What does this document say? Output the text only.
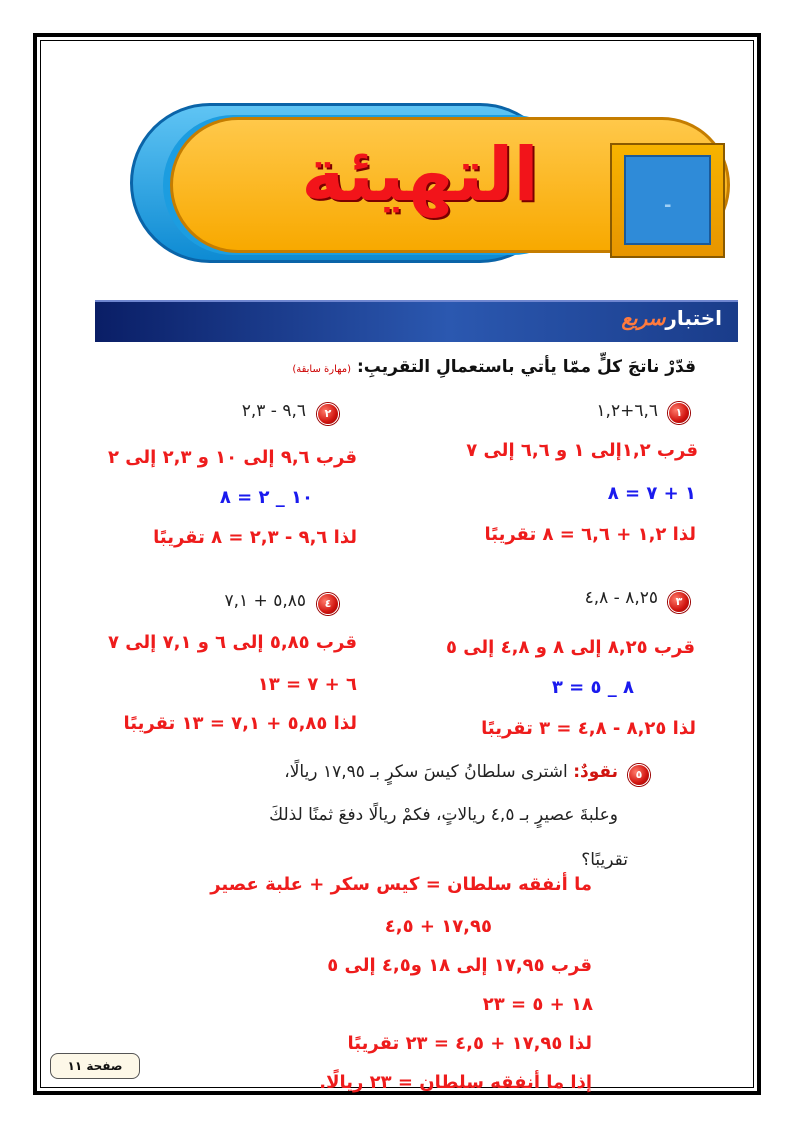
-
التهيئة
اختبارسريع
قدّرْ ناتجَ كلٍّ ممّا يأتي باستعمالِ التقريبِ: (مهارة سابقة)
١
٦,٦+١,٢
قرب ١,٢إلى ١ و ٦,٦ إلى ٧
١ + ٧ = ٨
لذا ١,٢ + ٦,٦ = ٨ تقريبًا
٢
٩,٦ - ٢,٣
قرب ٩,٦ إلى ١٠ و ٢,٣ إلى ٢
١٠ _ ٢ = ٨
لذا ٩,٦ - ٢,٣ = ٨ تقريبًا
٣
٨,٢٥ - ٤,٨
قرب ٨,٢٥ إلى ٨ و ٤,٨ إلى ٥
٨ _ ٥ = ٣
لذا ٨,٢٥ - ٤,٨ = ٣ تقريبًا
٤
٥,٨٥ + ٧,١
قرب ٥,٨٥ إلى ٦ و ٧,١ إلى ٧
٦ + ٧ = ١٣
لذا ٥,٨٥ + ٧,١ = ١٣ تقريبًا
٥
نقودٌ: اشترى سلطانُ كيسَ سكرٍ بـ ١٧,٩٥ ريالًا،
وعلبةَ عصيرٍ بـ ٤,٥ ريالاتٍ، فكمْ ريالًا دفعَ ثمنًا لذلكَ
تقريبًا؟
ما أنفقه سلطان = كيس سكر + علبة عصير
١٧,٩٥ + ٤,٥
قرب ١٧,٩٥ إلى ١٨ و٤,٥ إلى ٥
١٨ + ٥ = ٢٣
لذا ١٧,٩٥ + ٤,٥ = ٢٣ تقريبًا
إذا ما أنفقه سلطان = ٢٣ ريالًا.
صفحة ١١
